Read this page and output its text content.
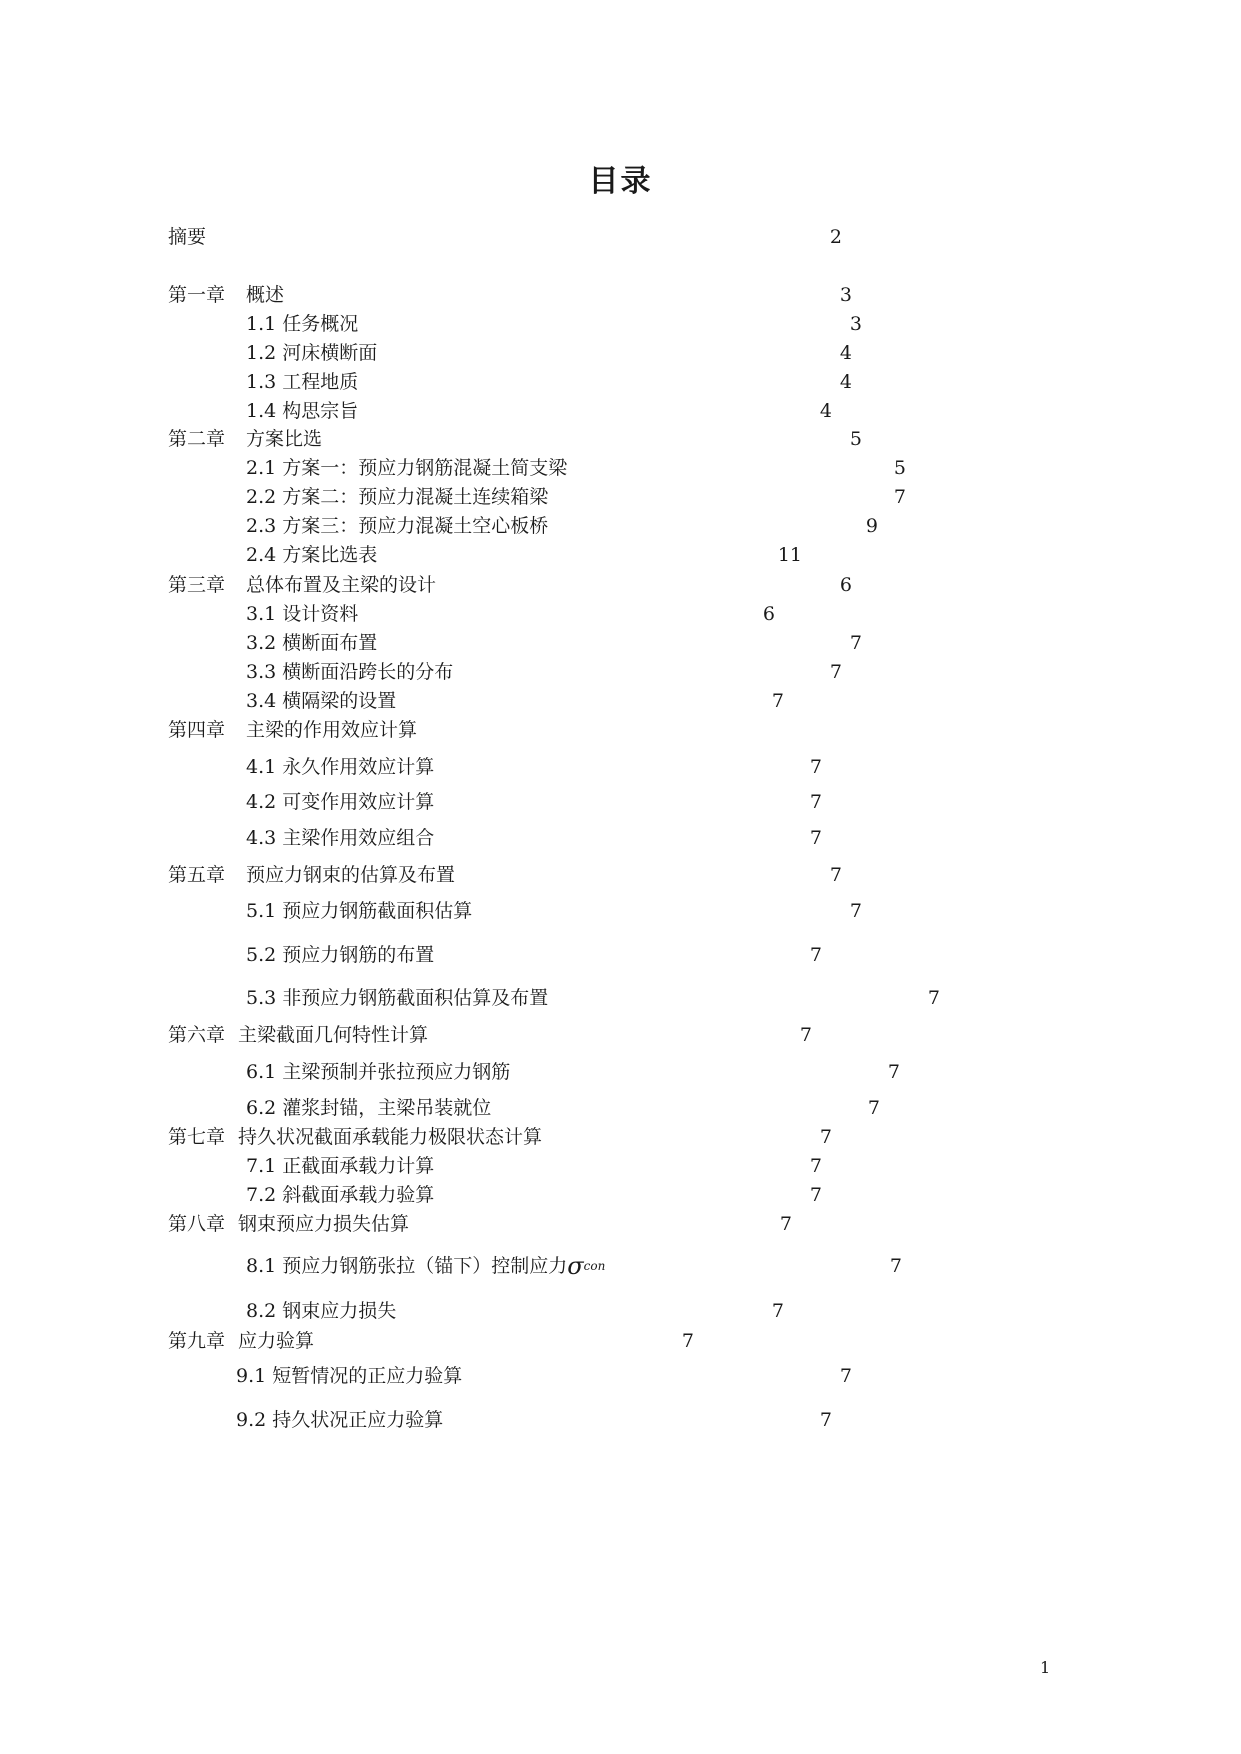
目录
摘要	2
第一章	概述	3
1.1 任务概况	3
1.2 河床横断面	4
1.3 工程地质	4
1.4 构思宗旨	4
第二章	方案比选	5
2.1 方案一：预应力钢筋混凝土简支梁	5
2.2 方案二：预应力混凝土连续箱梁	7
2.3 方案三：预应力混凝土空心板桥	9
2.4 方案比选表	11
第三章	总体布置及主梁的设计	6
3.1 设计资料	6
3.2 横断面布置	7
3.3 横断面沿跨长的分布	7
3.4 横隔梁的设置	7
第四章	主梁的作用效应计算
4.1 永久作用效应计算	7
4.2 可变作用效应计算	7
4.3 主梁作用效应组合	7
第五章	预应力钢束的估算及布置	7
5.1 预应力钢筋截面积估算	7
5.2 预应力钢筋的布置	7
5.3 非预应力钢筋截面积估算及布置	7
第六章 主梁截面几何特性计算	7
6.1 主梁预制并张拉预应力钢筋	7
6.2 灌浆封锚，主梁吊装就位	7
第七章 持久状况截面承载能力极限状态计算	7
7.1 正截面承载力计算	7
7.2 斜截面承载力验算	7
第八章 钢束预应力损失估算	7
8.1 预应力钢筋张拉（锚下）控制应力 σ con	7
8.2 钢束应力损失	7
第九章 应力验算	7
9.1 短暂情况的正应力验算	7
9.2 持久状况正应力验算	7
1
